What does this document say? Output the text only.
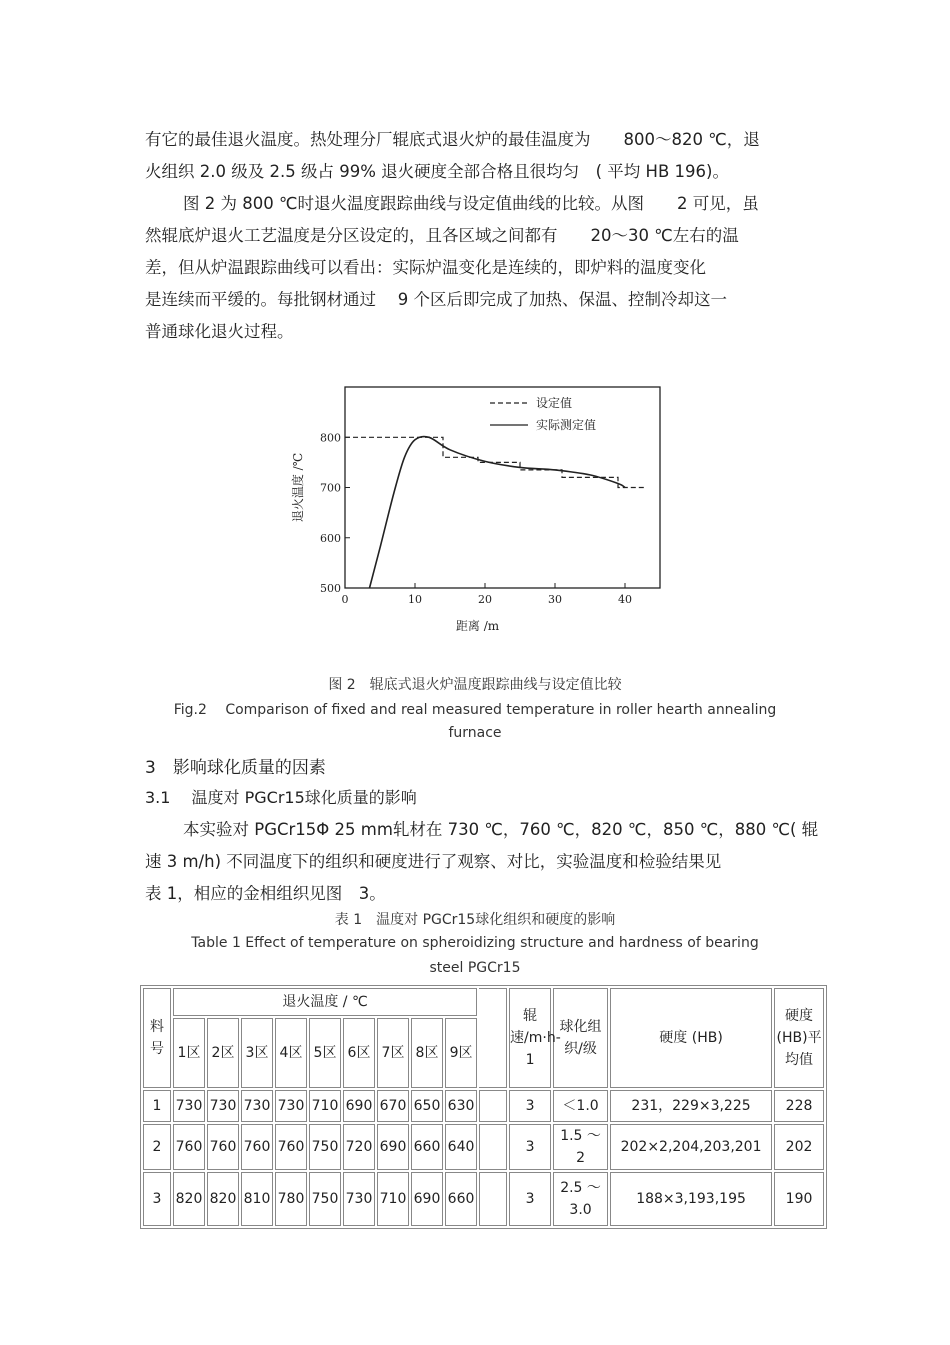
有它的最佳退火温度。热处理分厂辊底式退火炉的最佳温度为　　800～820 ℃，退
火组织 2.0 级及 2.5 级占 99% 退火硬度全部合格且很均匀　( 平均 HB 196)。
图 2 为 800 ℃时退火温度跟踪曲线与设定值曲线的比较。从图　　2 可见，虽
然辊底炉退火工艺温度是分区设定的，且各区域之间都有　　20～30 ℃左右的温
差，但从炉温跟踪曲线可以看出：实际炉温变化是连续的，即炉料的温度变化
是连续而平缓的。每批钢材通过　 9 个区后即完成了加热、保温、控制冷却这一
普通球化退火过程。
0	10	20	30	40
500
600
700
800
距离 /m
退火温度 /℃
设定值
实际测定值
图 2　辊底式退火炉温度跟踪曲线与设定值比较
Fig.2　 Comparison of fixed and real measured temperature in roller hearth annealing
furnace
3　影响球化质量的因素
3.1　 温度对 PGCr15球化质量的影响
本实验对 PGCr15Φ 25 mm轧材在 730 ℃，760 ℃，820 ℃，850 ℃，880 ℃( 辊
速 3 m/h) 不同温度下的组织和硬度进行了观察、对比，实验温度和检验结果见
表 1，相应的金相组织见图　3。
表 1　温度对 PGCr15球化组织和硬度的影响
Table 1 Effect of temperature on spheroidizing structure and hardness of bearing
steel PGCr15
料号	退火温度 / ℃										辊速/m·h-1	球化组织/级	硬度 (HB)	硬度(HB)平均值
	1区	2区	3区	4区	5区	6区	7区	8区	9区					
1	730	730	730	730	710	690	670	650	630		3	＜1.0	231，229×3,225	228
2	760	760	760	760	750	720	690	660	640		3	1.5 ～ 2	202×2,204,203,201	202
3	820	820	810	780	750	730	710	690	660		3	2.5 ～ 3.0	188×3,193,195	190
